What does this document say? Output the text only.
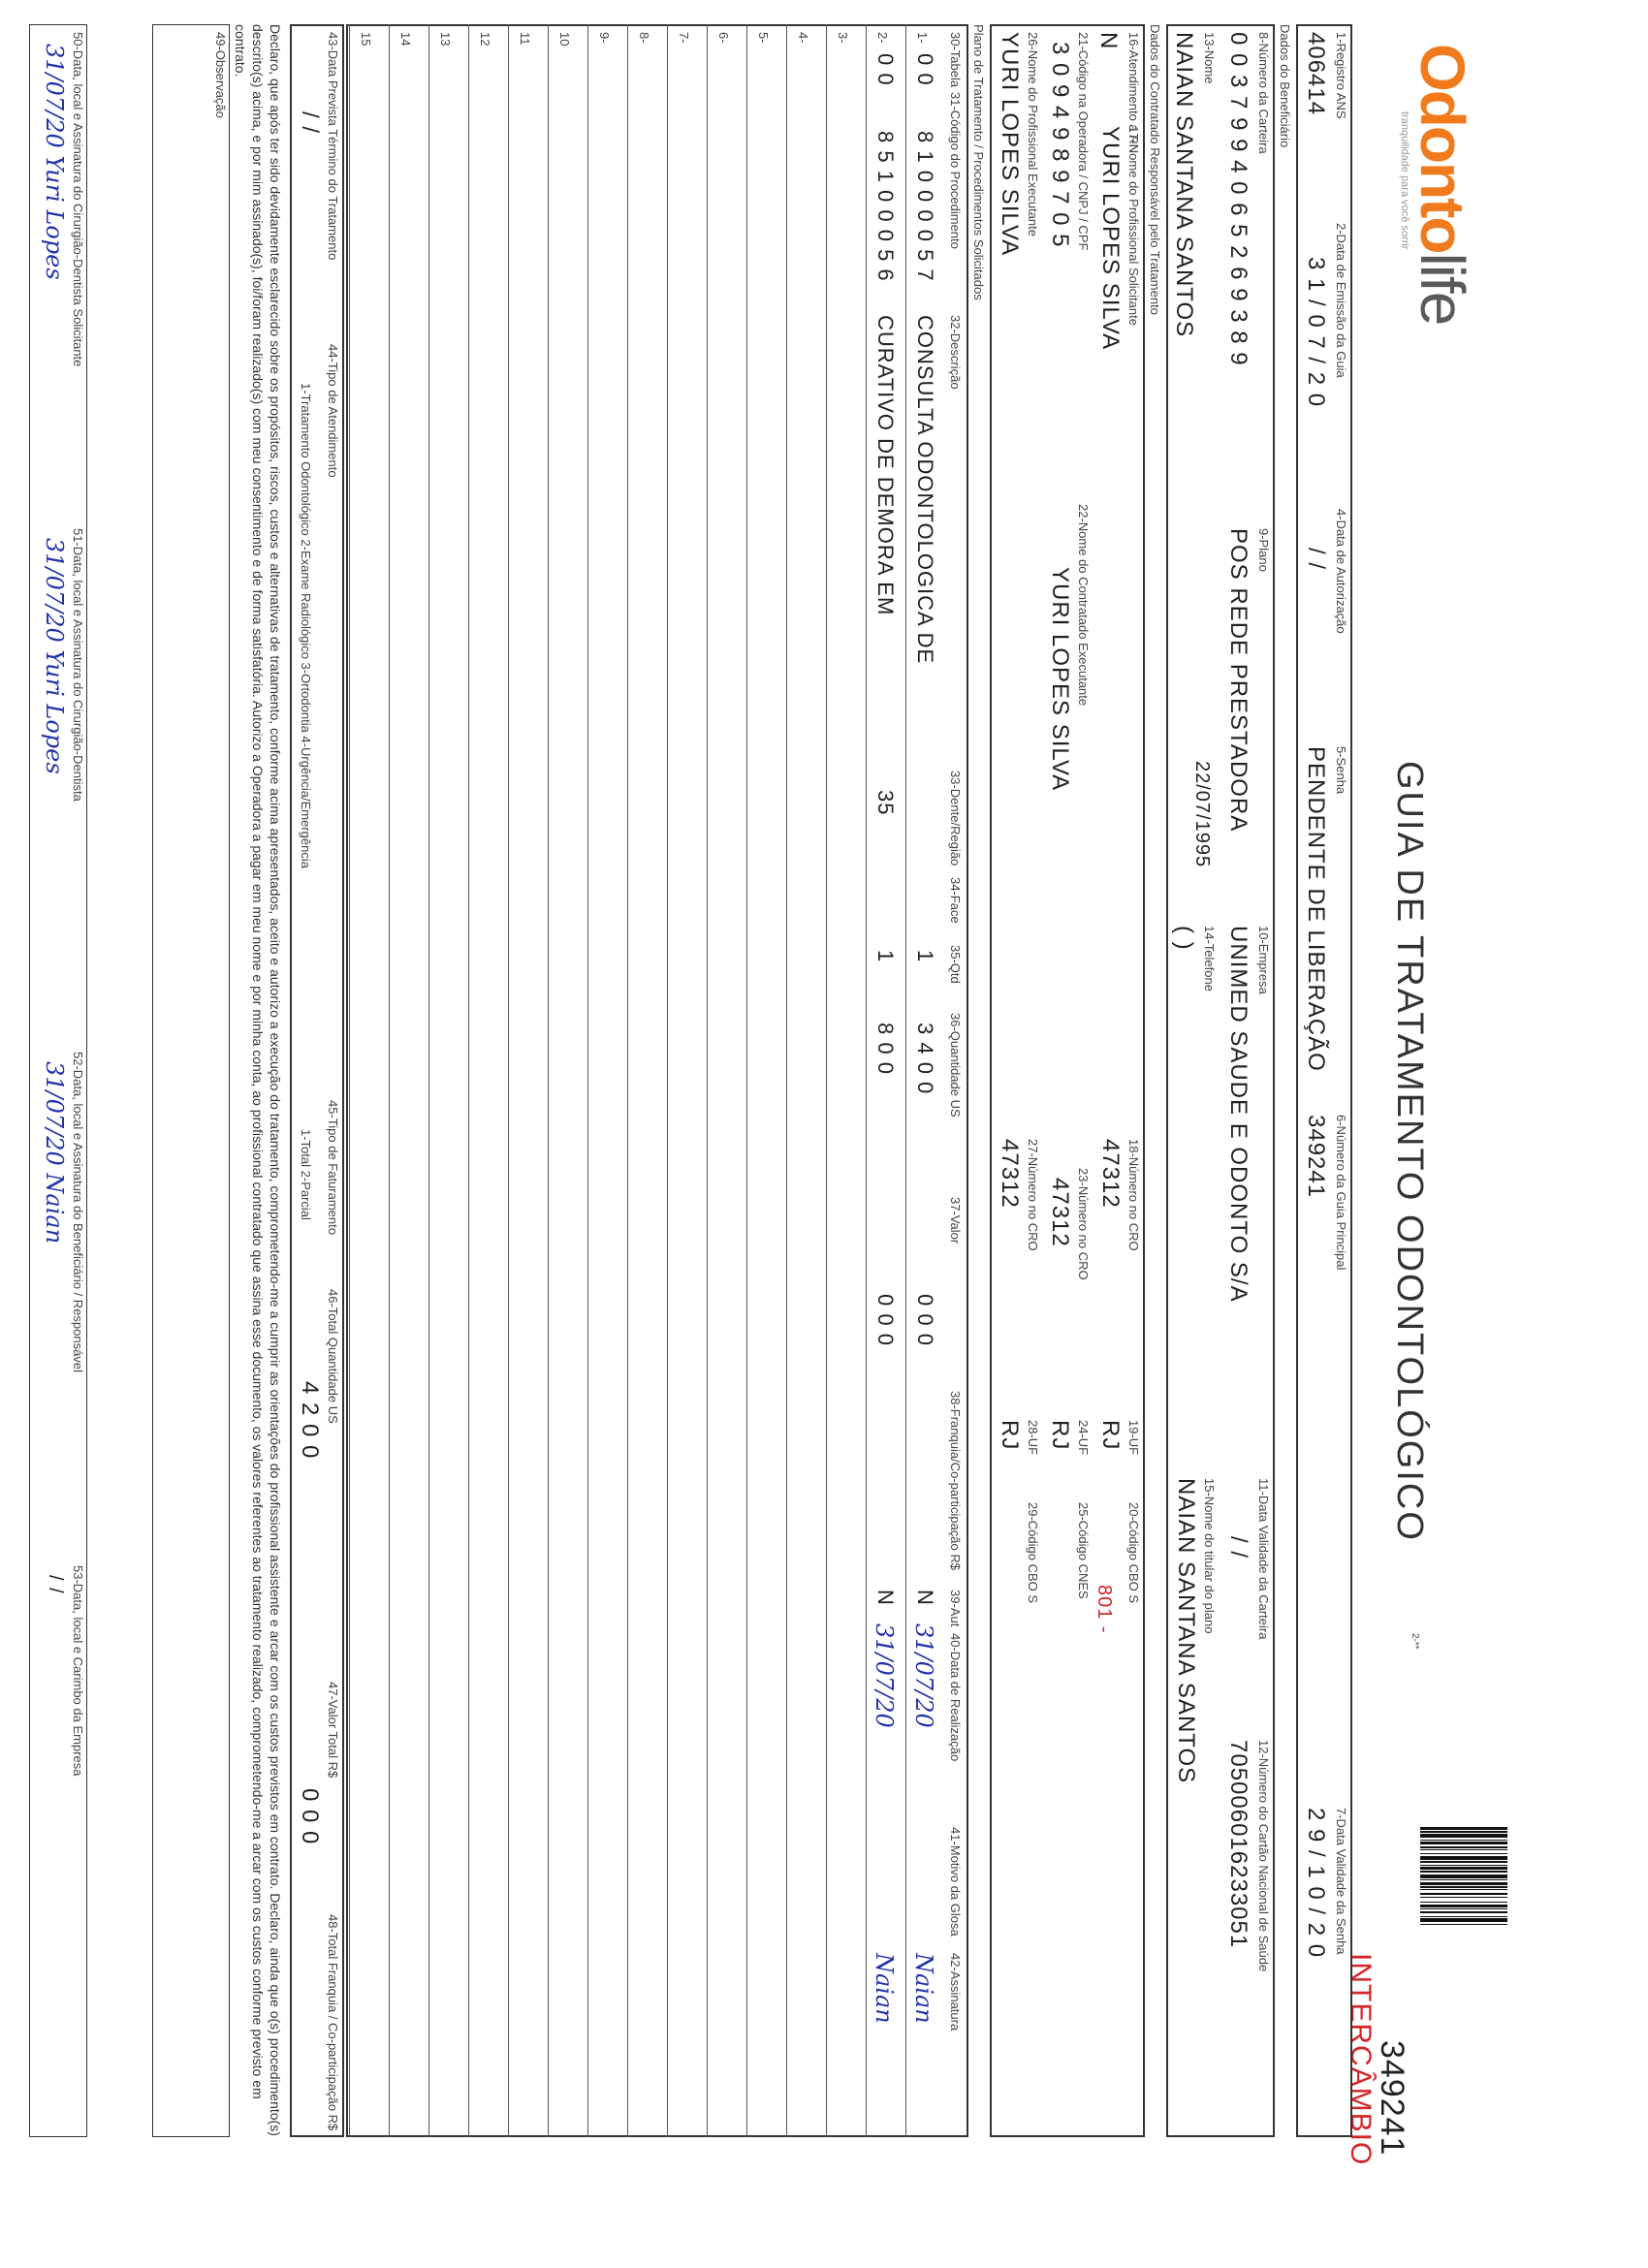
Odontolife
tranquilidade para você sorrir
GUIA DE TRATAMENTO ODONTOLÓGICO
2-**
349241
INTERCÂMBIO
1-Registro ANS
406414
2-Data de Emissão da Guia
3 1 / 0 7 / 2 0
4-Data de Autorização
/ /
5-Senha
PENDENTE DE LIBERAÇÃO
6-Número da Guia Principal
349241
7-Data Validade da Senha
2 9 / 1 0 / 2 0
Dados do Beneficiário
8-Número da Carteira
0 0 3 7 9 9 4 0 6 5 2 6 9 3 8 9
9-Plano
POS REDE PRESTADORA
10-Empresa
UNIMED SAUDE E ODONTO S/A
11-Data Validade da Carteira
/ /
12-Número do Cartão Nacional de Saúde
705006016233051
13-Nome
NAIAN SANTANA SANTOS
22/07/1995
14-Telefone
( )
15-Nome do titular do plano
NAIAN SANTANA SANTOS
Dados do Contratado Responsável pelo Tratamento
16-Atendimento a RN
N
17-Nome do Profissional Solicitante
YURI LOPES SILVA
18-Número no CRO
47312
19-UF
RJ
20-Código CBO S
801 -
21-Código na Operadora / CNPJ / CPF
3 0 9 4 9 8 9 7 0 5
22-Nome do Contratado Executante
YURI LOPES SILVA
23-Número no CRO
47312
24-UF
RJ
25-Código CNES
26-Nome do Profissional Executante
YURI LOPES SILVA
27-Número no CRO
47312
28-UF
RJ
29-Código CBO S
Plano de Tratamento / Procedimentos Solicitados
43-Data Prevista Término do Tratamento
/ /
44-Tipo de Atendimento
1-Tratamento Odontológico 2-Exame Radiológico 3-Ortodontia 4-Urgência/Emergência
45-Tipo de Faturamento
1-Total 2-Parcial
46-Total Quantidade US
4 2 0 0
47-Valor Total R$
0 0 0
48-Total Franquia / Co-participação R$
Declaro, que após ter sido devidamente esclarecido sobre os propósitos, riscos, custos e alternativas de tratamento, conforme acima apresentados, aceito e autorizo a execução do tratamento, comprometendo-me a cumprir as orientações do profissional assistente e arcar com os custos previstos em contrato. Declaro, ainda que o(s) procedimento(s) descrito(s) acima, e por mim assinado(s), foi/foram realizado(s) com meu consentimento e de forma satisfatória. Autorizo a Operadora a pagar em meu nome e por minha conta, ao profissional contratado que assina esse documento, os valores referentes ao tratamento realizado, comprometendo-me a arcar com os custos conforme previsto em contrato.
49-Observação	30-Tabela
31-Código do Procedimento
32-Descrição
33-Dente/Região
34-Face
35-Qtd
36-Quantidade US
37-Valor
38-Franquia/Co-participação R$
39-Aut
40-Data de Realização
41-Motivo da Glosa
42-Assinatura
1-
0 0
8 1 0 0 0 0 5 7
CONSULTA ODONTOLOGICA DE
1
3 4 0 0
0 0 0
N
31/07/20
Naian
2-
0 0
8 5 1 0 0 0 5 6
CURATIVO DE DEMORA EM
35
1
8 0 0
0 0 0
N
31/07/20
Naian
3-
4-
5-
6-
7-
8-
9-
10
11
12
13
14
15
50-Data, local e Assinatura do Cirurgião-Dentista Solicitante
31/07/20 Yuri Lopes
51-Data, local e Assinatura do Cirurgião-Dentista
31/07/20 Yuri Lopes
52-Data, local e Assinatura do Beneficiário / Responsável
31/07/20 Naian
53-Data, local e Carimbo da Empresa
/ /
